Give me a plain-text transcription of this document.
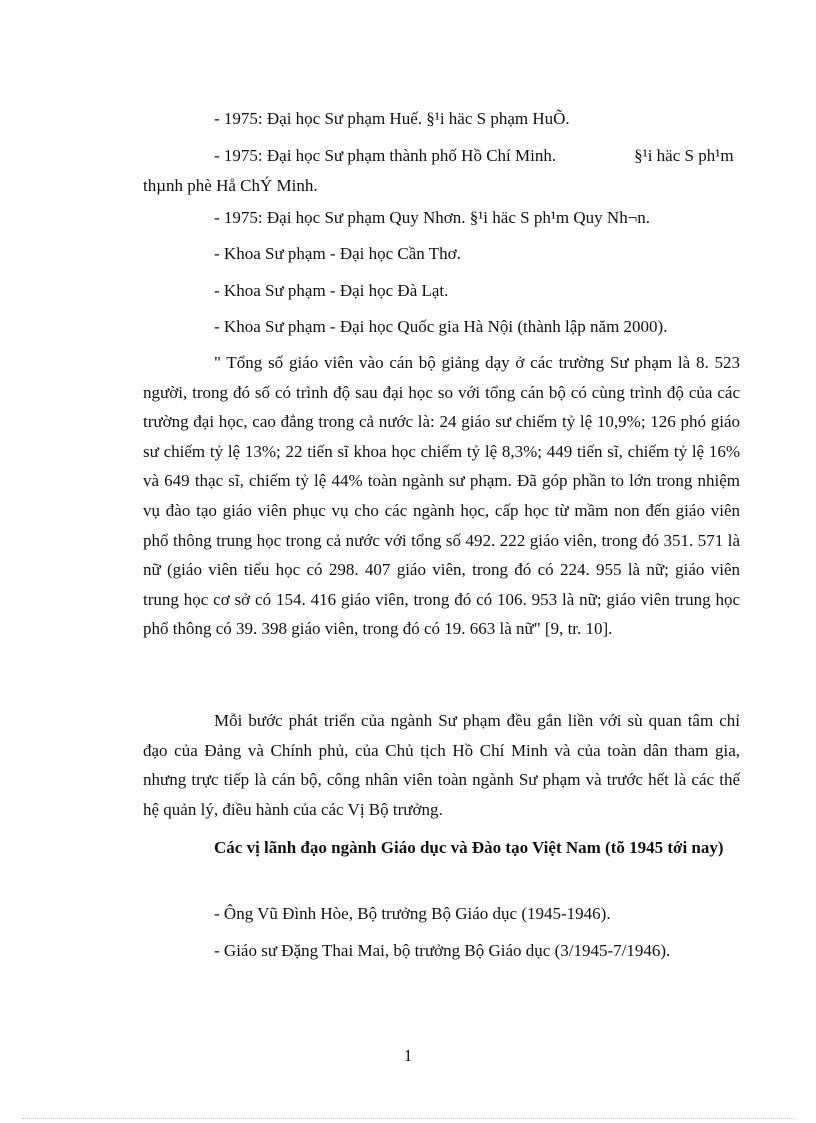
- 1975: Đại học Sư phạm Huế. §¹i häc S phạm HuÕ.

- 1975: Đại học Sư phạm thành phố Hồ Chí Minh.	§¹i häc S ph¹m thµnh phè Hå ChÝ Minh.

- 1975: Đại học Sư phạm Quy Nhơn. §¹i häc S ph¹m Quy Nh¬n.

- Khoa Sư phạm - Đại học Cần Thơ.

- Khoa Sư phạm - Đại học Đà Lạt.

- Khoa Sư phạm - Đại học Quốc gia Hà Nội (thành lập năm 2000).

" Tổng số giáo viên vào cán bộ giảng dạy ở các trường Sư phạm là 8. 523 người, trong đó số có trình độ sau đại học so với tổng cán bộ có cùng trình độ của các trường đại học, cao đẳng trong cả nước là: 24 giáo sư chiếm tỷ lệ 10,9%; 126 phó giáo sư chiếm tỷ lệ 13%; 22 tiến sĩ khoa học chiếm tỷ lệ 8,3%; 449 tiến sĩ, chiếm tỷ lệ 16% và 649 thạc sĩ, chiếm tỷ lệ 44% toàn ngành sư phạm. Đã góp phần to lớn trong nhiệm vụ đào tạo giáo viên phục vụ cho các ngành học, cấp học từ mầm non đến giáo viên phổ thông trung học trong cả nước với tổng số 492. 222 giáo viên, trong đó 351. 571 là nữ (giáo viên tiểu học có 298. 407 giáo viên, trong đó có 224. 955 là nữ; giáo viên trung học cơ sở có 154. 416 giáo viên, trong đó có 106. 953 là nữ; giáo viên trung học phổ thông có 39. 398 giáo viên, trong đó có 19. 663 là nữ" [9, tr. 10].

Mỗi bước phát triển của ngành Sư phạm đều gắn liền với sù quan tâm chỉ đạo của Đảng và Chính phủ, của Chủ tịch Hồ Chí Minh và của toàn dân tham gia, nhưng trực tiếp là cán bộ, công nhân viên toàn ngành Sư phạm và trước hết là các thế hệ quản lý, điều hành của các Vị Bộ trưởng.

Các vị lãnh đạo ngành Giáo dục và Đào tạo Việt Nam (tõ 1945 tới nay)

- Ông Vũ Đình Hòe, Bộ trưởng Bộ Giáo dục (1945-1946).

- Giáo sư Đặng Thai Mai, bộ trưởng Bộ Giáo dục (3/1945-7/1946).

1
